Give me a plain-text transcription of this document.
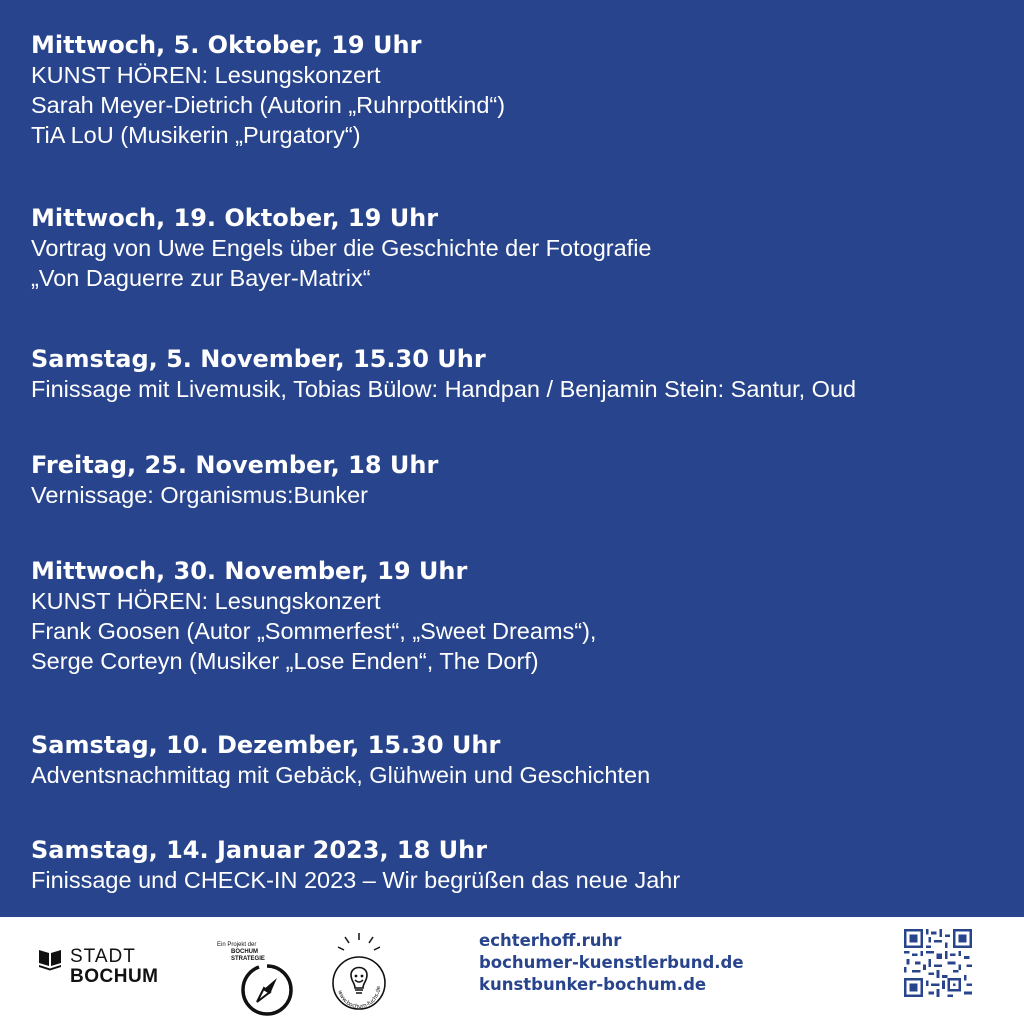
Mittwoch, 5. Oktober, 19 Uhr
KUNST HÖREN: Lesungskonzert
Sarah Meyer-Dietrich (Autorin „Ruhrpottkind“)
TiA LoU (Musikerin „Purgatory“)
Mittwoch, 19. Oktober, 19 Uhr
Vortrag von Uwe Engels über die Geschichte der Fotografie
„Von Daguerre zur Bayer-Matrix“
Samstag, 5. November, 15.30 Uhr
Finissage mit Livemusik, Tobias Bülow: Handpan / Benjamin Stein: Santur, Oud
Freitag, 25. November, 18 Uhr
Vernissage: Organismus:Bunker
Mittwoch, 30. November, 19 Uhr
KUNST HÖREN: Lesungskonzert
Frank Goosen (Autor „Sommerfest“, „Sweet Dreams“),
Serge Corteyn (Musiker „Lose Enden“, The Dorf)
Samstag, 10. Dezember, 15.30 Uhr
Adventsnachmittag mit Gebäck, Glühwein und Geschichten
Samstag, 14. Januar 2023, 18 Uhr
Finissage und CHECK-IN 2023 – Wir begrüßen das neue Jahr
STADT
BOCHUM
Ein Projekt der
BOCHUM
STRATEGIE
www.bochum-fuchs.de
echterhoff.ruhr
bochumer-kuenstlerbund.de
kunstbunker-bochum.de
